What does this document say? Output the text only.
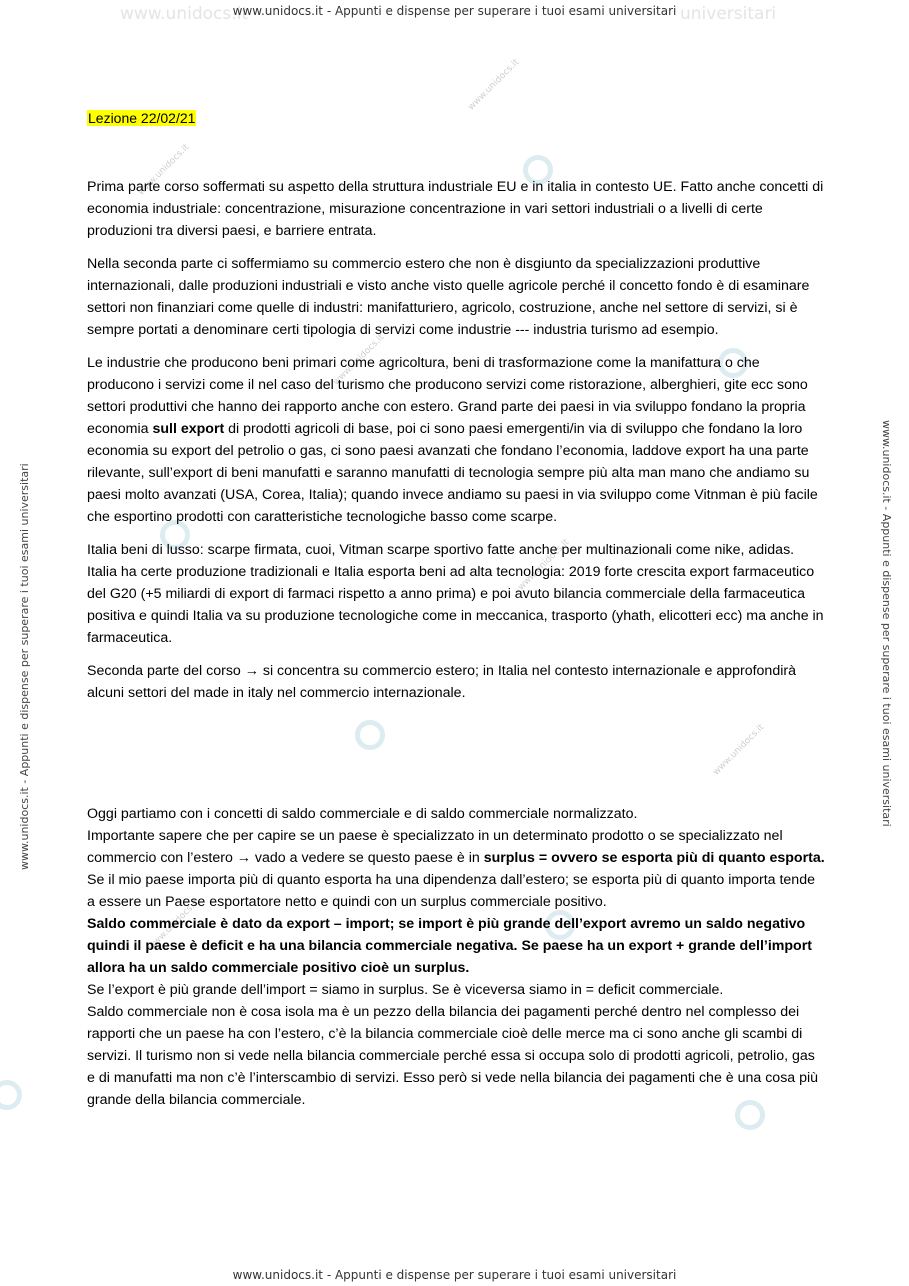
www.unidocs.it	universitari
www.unidocs.it - Appunti e dispense per superare i tuoi esami universitari
www.unidocs.it - Appunti e dispense per superare i tuoi esami universitari
www.unidocs.it - Appunti e dispense per superare i tuoi esami universitari	www.unidocs.it - Appunti e dispense per superare i tuoi esami universitari
www.unidocs.it
www.unidocs.it
www.unidocs.it
www.unidocs.it
www.unidocs.it
www.unidocs.it
Lezione 22/02/21

Prima parte corso soffermati su aspetto della struttura industriale EU e in italia in contesto UE. Fatto anche concetti di economia industriale: concentrazione, misurazione concentrazione in vari settori industriali o a livelli di certe produzioni tra diversi paesi, e barriere entrata.

Nella seconda parte ci soffermiamo su commercio estero che non è disgiunto da specializzazioni produttive internazionali, dalle produzioni industriali e visto anche visto quelle agricole perché il concetto fondo è di esaminare settori non finanziari come quelle di industri: manifatturiero, agricolo, costruzione, anche nel settore di servizi, si è sempre portati a denominare certi tipologia di servizi come industrie --- industria turismo ad esempio.

Le industrie che producono beni primari come agricoltura, beni di trasformazione come la manifattura o che producono i servizi come il nel caso del turismo che producono servizi come ristorazione, alberghieri, gite ecc sono settori produttivi che hanno dei rapporto anche con estero. Grand parte dei paesi in via sviluppo fondano la propria economia sull export di prodotti agricoli di base, poi ci sono paesi emergenti/in via di sviluppo che fondano la loro economia su export del petrolio o gas, ci sono paesi avanzati che fondano l’economia, laddove export ha una parte rilevante, sull’export di beni manufatti e saranno manufatti di tecnologia sempre più alta man mano che andiamo su paesi molto avanzati (USA, Corea, Italia); quando invece andiamo su paesi in via sviluppo come Vitnman è più facile che esportino prodotti con caratteristiche tecnologiche basso come scarpe.

Italia beni di lusso: scarpe firmata, cuoi, Vitman scarpe sportivo fatte anche per multinazionali come nike, adidas. Italia ha certe produzione tradizionali e Italia esporta beni ad alta tecnologia: 2019 forte crescita export farmaceutico del G20 (+5 miliardi di export di farmaci rispetto a anno prima) e poi avuto bilancia commerciale della farmaceutica positiva e quindi Italia va su produzione tecnologiche come in meccanica, trasporto (yhath, elicotteri ecc) ma anche in farmaceutica.

Seconda parte del corso → si concentra su commercio estero; in Italia nel contesto internazionale e approfondirà alcuni settori del made in italy nel commercio internazionale.

Oggi partiamo con i concetti di saldo commerciale e di saldo commerciale normalizzato.
Importante sapere che per capire se un paese è specializzato in un determinato prodotto o se specializzato nel commercio con l’estero → vado a vedere se questo paese è in surplus = ovvero se esporta più di quanto esporta. Se il mio paese importa più di quanto esporta ha una dipendenza dall’estero; se esporta più di quanto importa tende a essere un Paese esportatore netto e quindi con un surplus commerciale positivo.
Saldo commerciale è dato da export – import; se import è più grande dell’export avremo un saldo negativo quindi il paese è deficit e ha una bilancia commerciale negativa. Se paese ha un export + grande dell’import allora ha un saldo commerciale positivo cioè un surplus.
Se l’export è più grande dell’import = siamo in surplus. Se è viceversa siamo in = deficit commerciale.
Saldo commerciale non è cosa isola ma è un pezzo della bilancia dei pagamenti perché dentro nel complesso dei rapporti che un paese ha con l’estero, c’è la bilancia commerciale cioè delle merce ma ci sono anche gli scambi di servizi. Il turismo non si vede nella bilancia commerciale perché essa si occupa solo di prodotti agricoli, petrolio, gas e di manufatti ma non c’è l’interscambio di servizi. Esso però si vede nella bilancia dei pagamenti che è una cosa più grande della bilancia commerciale.
